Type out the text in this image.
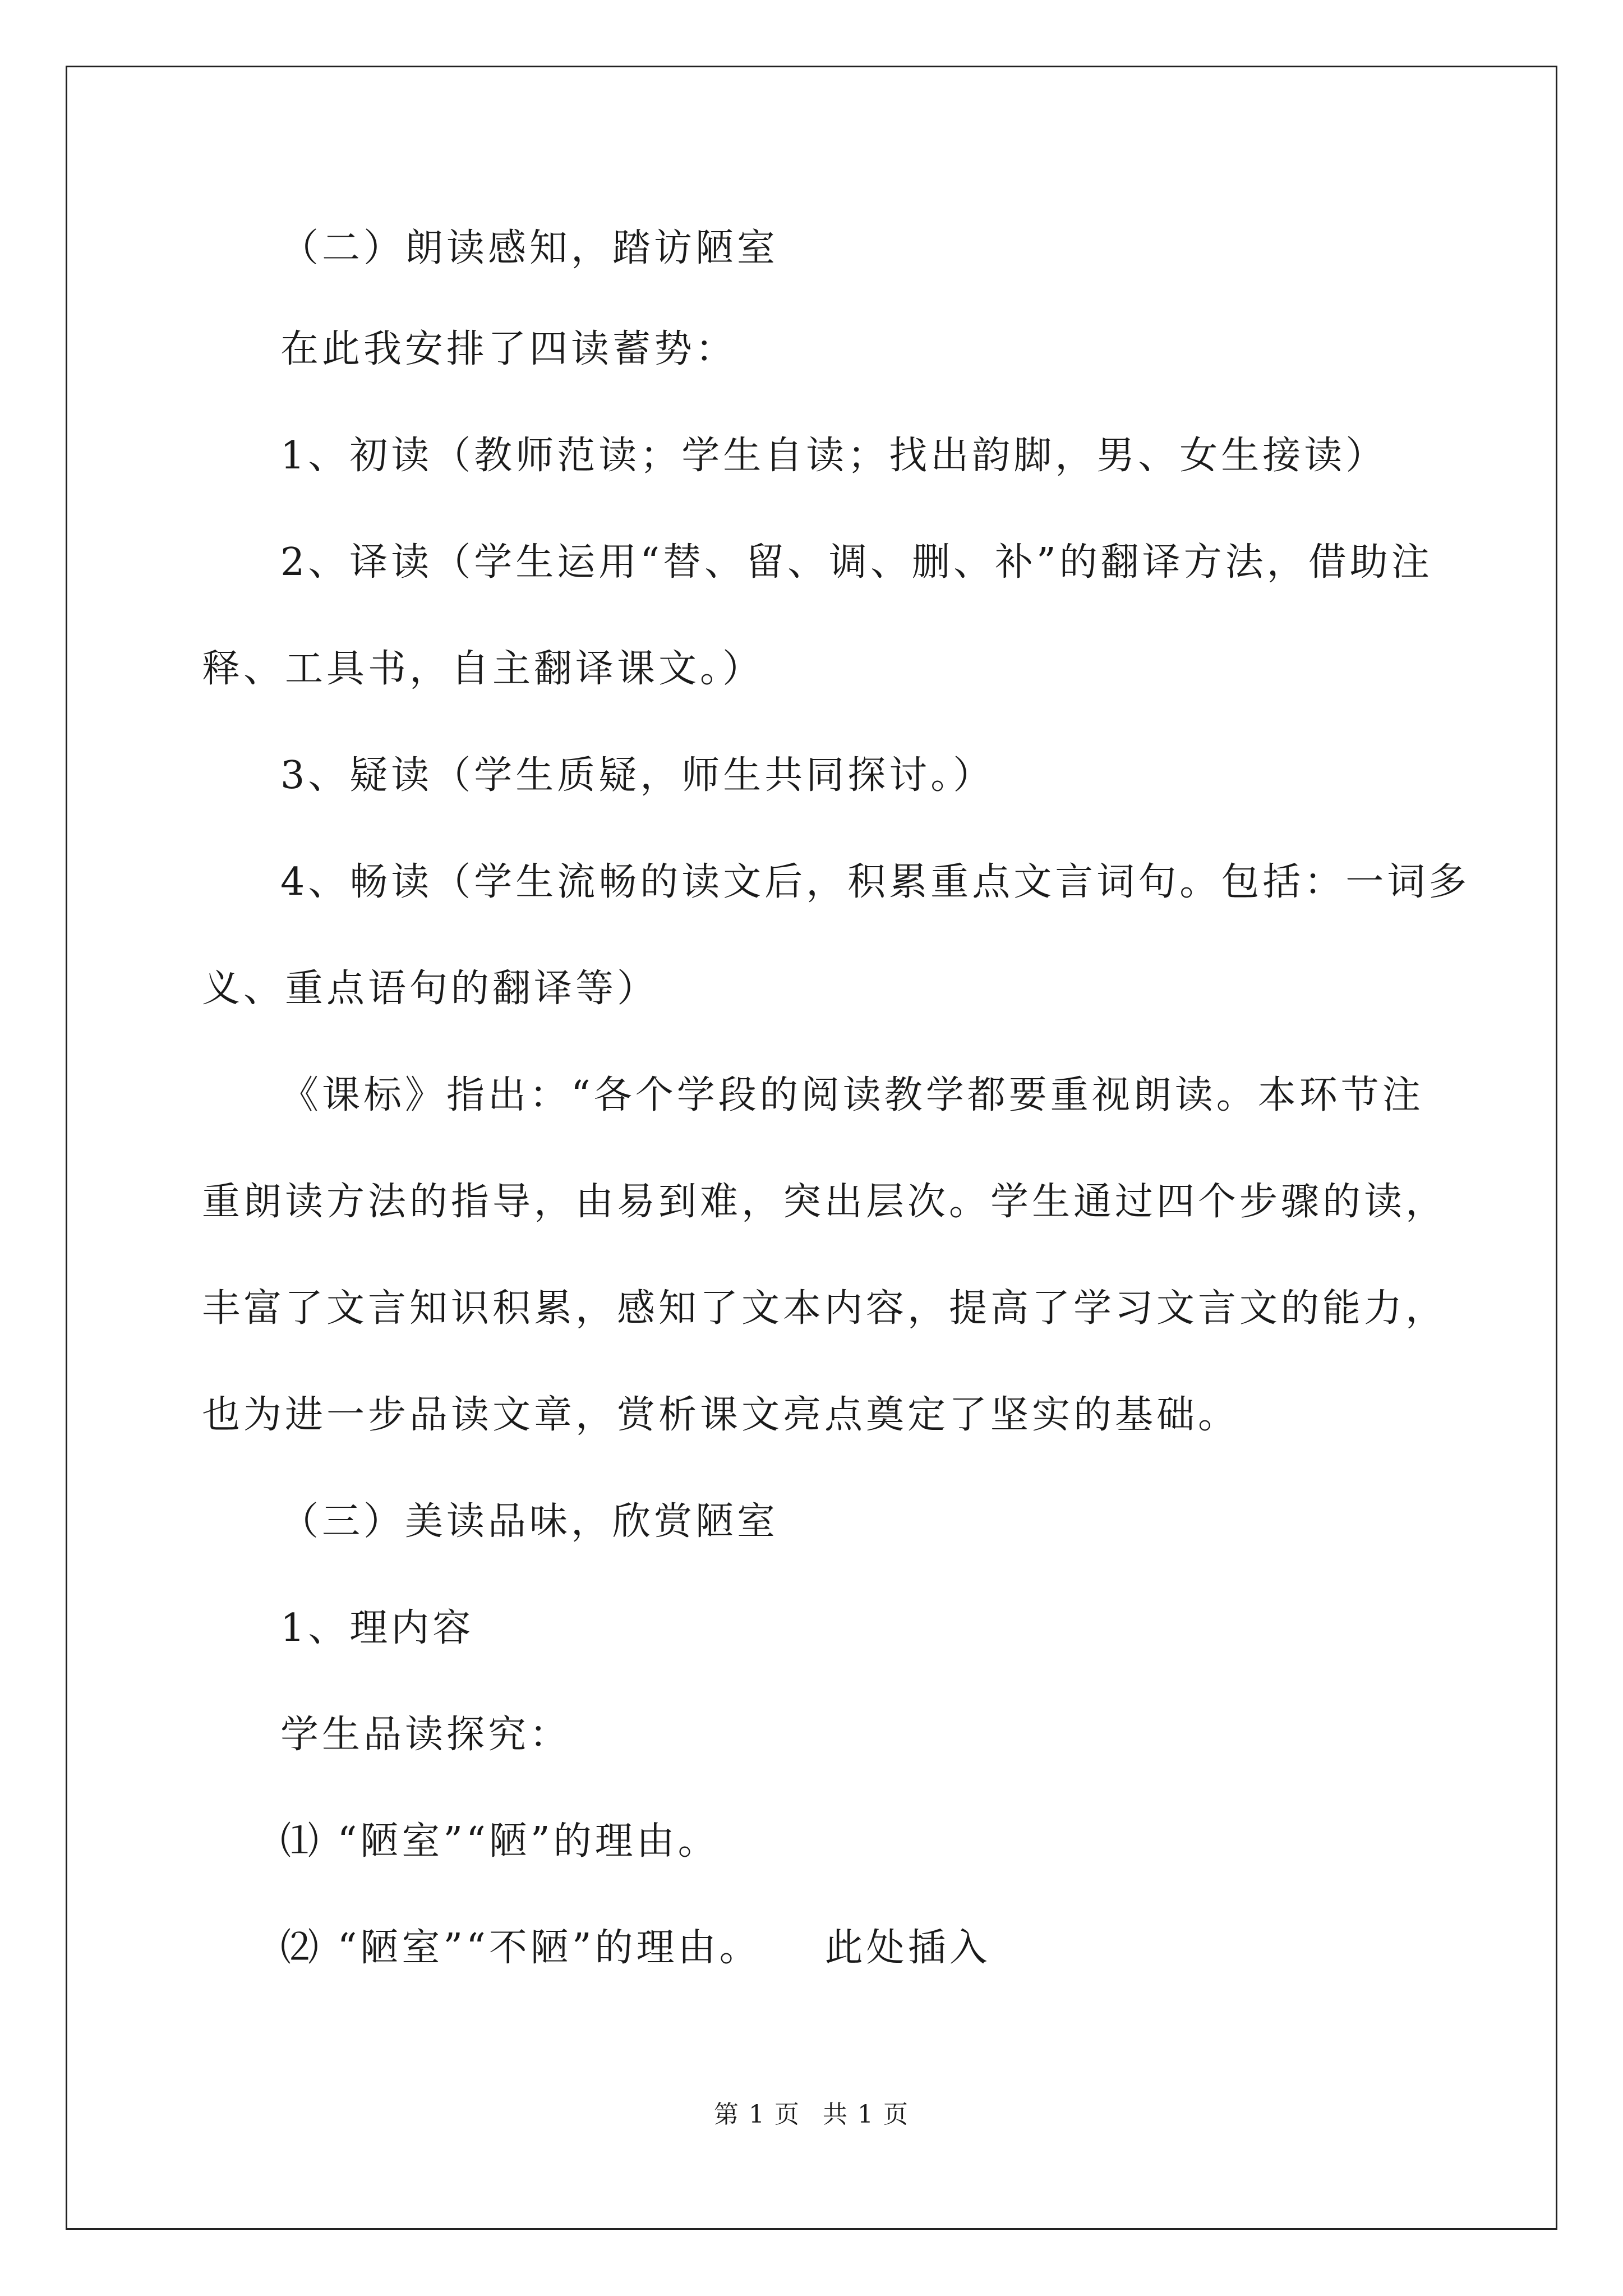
（二）朗读感知，踏访陋室
在此我安排了四读蓄势：
1、初读（教师范读；学生自读；找出韵脚，男、女生接读）
2、译读（学生运用“替、留、调、删、补”的翻译方法，借助注
释、工具书，自主翻译课文。）
3、疑读（学生质疑，师生共同探讨。）
4、畅读（学生流畅的读文后，积累重点文言词句。包括：一词多
义、重点语句的翻译等）
《课标》指出：“各个学段的阅读教学都要重视朗读。本环节注
重朗读方法的指导，由易到难，突出层次。学生通过四个步骤的读，
丰富了文言知识积累，感知了文本内容，提高了学习文言文的能力，
也为进一步品读文章，赏析课文亮点奠定了坚实的基础。
（三）美读品味，欣赏陋室
1、理内容
学生品读探究：
⑴ “陋室”“陋”的理由。
⑵ “陋室”“不陋”的理由。　　此处插入
第 1 页 共 1 页
